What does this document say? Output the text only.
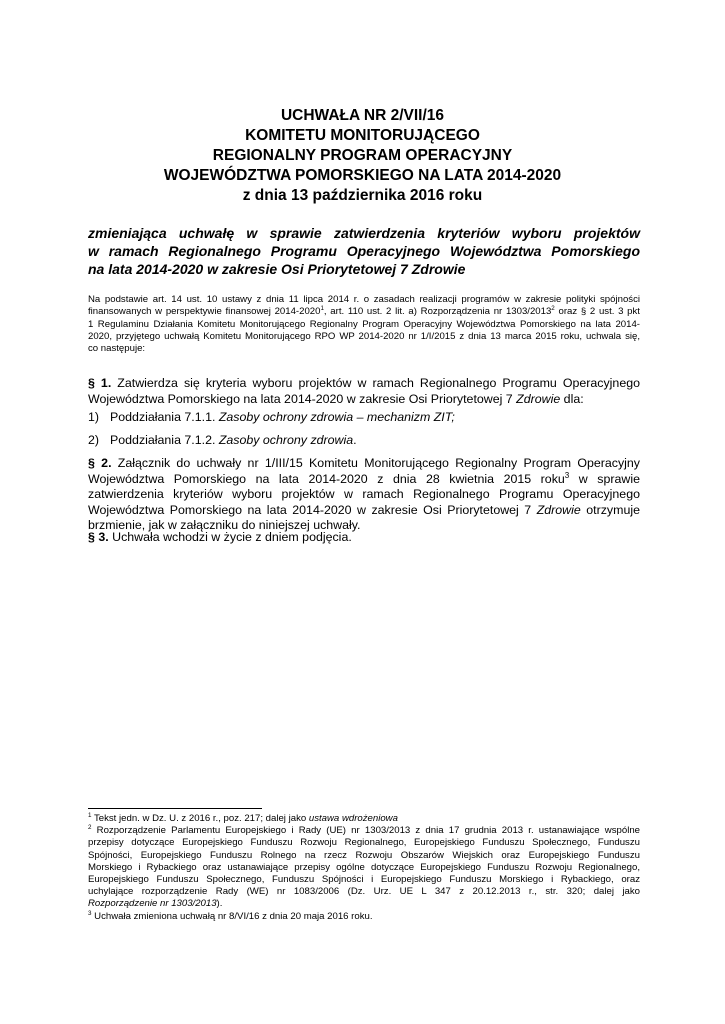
UCHWAŁA NR 2/VII/16
KOMITETU MONITORUJĄCEGO
REGIONALNY PROGRAM OPERACYJNY
WOJEWÓDZTWA POMORSKIEGO NA LATA 2014-2020
z dnia 13 października 2016 roku
zmieniająca uchwałę w sprawie zatwierdzenia kryteriów wyboru projektów
w ramach Regionalnego Programu Operacyjnego Województwa Pomorskiego
na lata 2014-2020 w zakresie Osi Priorytetowej 7 Zdrowie
Na podstawie art. 14 ust. 10 ustawy z dnia 11 lipca 2014 r. o zasadach realizacji programów w zakresie polityki spójności
finansowanych w perspektywie finansowej 2014-2020$^1$, art. 110 ust. 2 lit. a) Rozporządzenia nr 1303/2013$^2$ oraz § 2 ust. 3 pkt
1 Regulaminu Działania Komitetu Monitorującego Regionalny Program Operacyjny Województwa Pomorskiego na lata 2014-
2020, przyjętego uchwałą Komitetu Monitorującego RPO WP 2014-2020 nr 1/I/2015 z dnia 13 marca 2015 roku, uchwala się,
co następuje:
§ 1. Zatwierdza się kryteria wyboru projektów w ramach Regionalnego Programu Operacyjnego
Województwa Pomorskiego na lata 2014-2020 w zakresie Osi Priorytetowej 7 Zdrowie dla:
1) Poddziałania 7.1.1. Zasoby ochrony zdrowia – mechanizm ZIT;
2) Poddziałania 7.1.2. Zasoby ochrony zdrowia.
§ 2. Załącznik do uchwały nr 1/III/15 Komitetu Monitorującego Regionalny Program Operacyjny
Województwa Pomorskiego na lata 2014-2020 z dnia 28 kwietnia 2015 roku$^3$ w sprawie
zatwierdzenia kryteriów wyboru projektów w ramach Regionalnego Programu Operacyjnego
Województwa Pomorskiego na lata 2014-2020 w zakresie Osi Priorytetowej 7 Zdrowie otrzymuje
brzmienie, jak w załączniku do niniejszej uchwały.
§ 3. Uchwała wchodzi w życie z dniem podjęcia.
$^1$ Tekst jedn. w Dz. U. z 2016 r., poz. 217; dalej jako ustawa wdrożeniowa
$^2$ Rozporządzenie Parlamentu Europejskiego i Rady (UE) nr 1303/2013 z dnia 17 grudnia 2013 r. ustanawiające wspólne
przepisy dotyczące Europejskiego Funduszu Rozwoju Regionalnego, Europejskiego Funduszu Społecznego, Funduszu
Spójności, Europejskiego Funduszu Rolnego na rzecz Rozwoju Obszarów Wiejskich oraz Europejskiego Funduszu
Morskiego i Rybackiego oraz ustanawiające przepisy ogólne dotyczące Europejskiego Funduszu Rozwoju Regionalnego,
Europejskiego Funduszu Społecznego, Funduszu Spójności i Europejskiego Funduszu Morskiego i Rybackiego, oraz
uchylające rozporządzenie Rady (WE) nr 1083/2006 (Dz. Urz. UE L 347 z 20.12.2013 r., str. 320; dalej jako
Rozporządzenie nr 1303/2013).
$^3$ Uchwała zmieniona uchwałą nr 8/VI/16 z dnia 20 maja 2016 roku.
